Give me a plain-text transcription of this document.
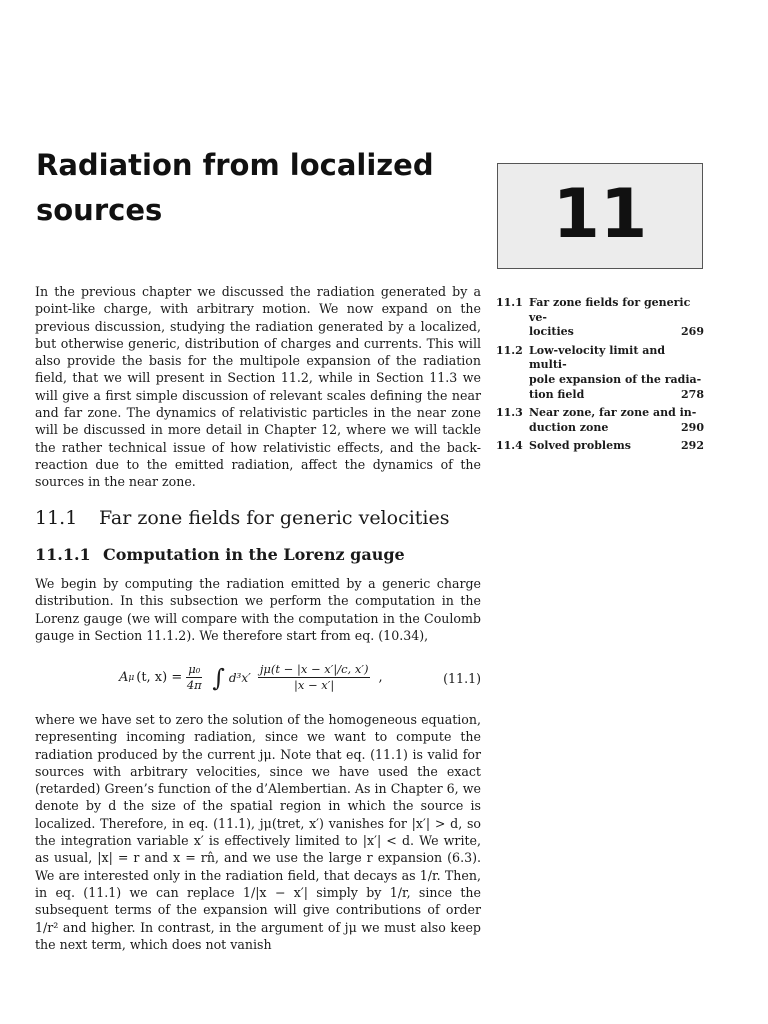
Radiation from localized
sources	11
11.1 Far zone fields for generic ve-
locities	269
11.2 Low-velocity limit and multi-
pole expansion of the radia-
tion field	278
11.3 Near zone, far zone and in-
duction zone	290
11.4 Solved problems	292

In the previous chapter we discussed the radiation generated by a point-like charge, with arbitrary motion. We now expand on the previous discussion, studying the radiation generated by a localized, but otherwise generic, distribution of charges and currents. This will also provide the basis for the multipole expansion of the radiation field, that we will present in Section 11.2, while in Section 11.3 we will give a first simple discussion of relevant scales defining the near and far zone. The dynamics of relativistic particles in the near zone will be discussed in more detail in Chapter 12, where we will tackle the rather technical issue of how relativistic effects, and the back-reaction due to the emitted radiation, affect the dynamics of the sources in the near zone.

11.1 Far zone fields for generic velocities
11.1.1 Computation in the Lorenz gauge

We begin by computing the radiation emitted by a generic charge distribution. In this subsection we perform the computation in the Lorenz gauge (we will compare with the computation in the Coulomb gauge in Section 11.1.2). We therefore start from eq. (10.34),

A μ (t, $x) = \frac{\text{μ₀}}{4\pi}$ ∫ $d^3x' \frac{j\mu(t - |x - x'|/c, x')}{|x - x'|}$ ,	(11.1)

where we have set to zero the solution of the homogeneous equation, representing incoming radiation, since we want to compute the radiation produced by the current jμ. Note that eq. (11.1) is valid for sources with arbitrary velocities, since we have used the exact (retarded) Green’s function of the d’Alembertian. As in Chapter 6, we denote by d the size of the spatial region in which the source is localized. Therefore, in eq. (11.1), jμ(tret, x′) vanishes for |x′| > d, so the integration variable x′ is effectively limited to |x′| < d. We write, as usual, |x| = r and x = rn̂, and we use the large r expansion (6.3). We are interested only in the radiation field, that decays as 1/r. Then, in eq. (11.1) we can replace 1/|x − x′| simply by 1/r, since the subsequent terms of the expansion will give contributions of order 1/r² and higher. In contrast, in the argument of jμ we must also keep the next term, which does not vanish
